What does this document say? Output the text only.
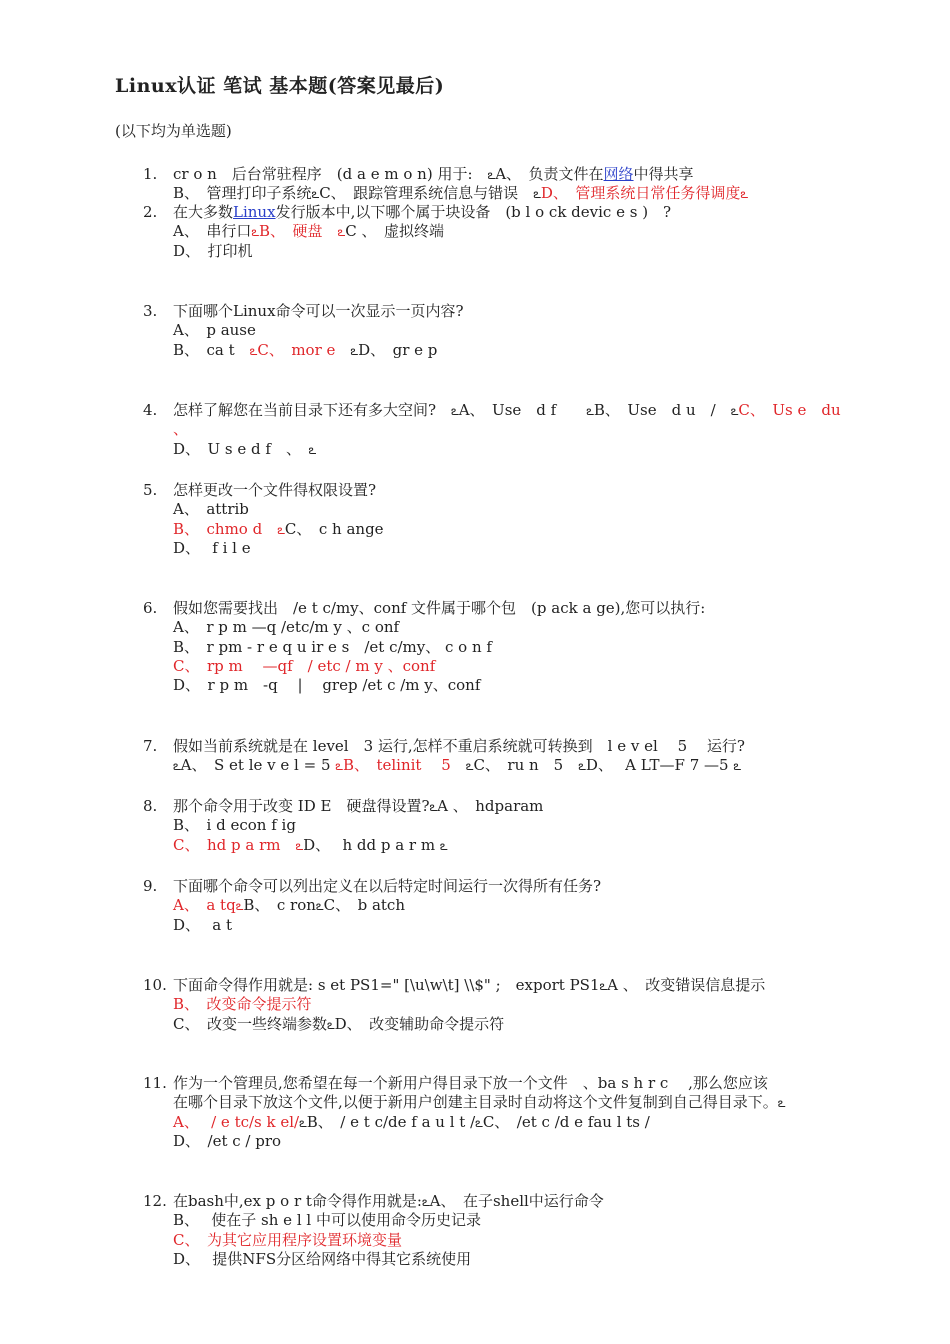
Linux认证 笔试 基本题(答案见最后)
(以下均为单选题)
1. cr o n　后台常驻程序　(d a e m o n) 用于:　ఽA、　负责文件在网络中得共享
B、　管理打印子系统ఽC、　跟踪管理系统信息与错误　ఽD、　管理系统日常任务得调度ఽ
2. 在大多数Linux发行版本中,以下哪个属于块设备　(b l o ck devic e s )　?
A、　串行口ఽB、　硬盘　ఽC 、　虚拟终端
D、　打印机
3. 下面哪个Linux命令可以一次显示一页内容?
A、　p ause
B、　ca t　ఽC、　mor e　ఽD、　gr e p
4. 怎样了解您在当前目录下还有多大空间?　ఽA、　Use　d f　　ఽB、　Use　d u　/　ఽC、　Us e　du
、
D、　U s e d f　、　ఽ
5. 怎样更改一个文件得权限设置?
A、　attrib
B、　chmo d　ఽC、　c h ange
D、　 f i l e
6. 假如您需要找出　/e t c/my、conf 文件属于哪个包　(p ack a ge),您可以执行:
A、　r p m —q /etc/m y 、c onf
B、　r pm - r e q u ir e s　/et c/my、 c o n f
C、　rp m　 —qf　/ etc / m y 、conf
D、　r p m　-q　 |　 grep /et c /m y、conf
7. 假如当前系统就是在 level　3 运行,怎样不重启系统就可转换到　l e v el　 5　 运行?
ఽA、　S et le v e l = 5 ఽB、　telinit　 5　ఽC、　ru n　5　ఽD、　 A LT—F 7 —5 ఽ
8. 那个命令用于改变 ID E　硬盘得设置?ఽA 、　hdparam
B、　i d econ f ig
C、　hd p a rm　ఽD、　 h dd p a r m ఽ
9. 下面哪个命令可以列出定义在以后特定时间运行一次得所有任务?
A、　a tqఽB、　c ronఽC、　b atch
D、　 a t
10. 下面命令得作用就是: s et PS1=" [\u\w\t] \\$" ;　export PS1ఽA 、　改变错误信息提示
B、　改变命令提示符
C、　改变一些终端参数ఽD、　改变辅助命令提示符
11. 作为一个管理员,您希望在每一个新用户得目录下放一个文件　、ba s h r c　 ,那么您应该
在哪个目录下放这个文件,以便于新用户创建主目录时自动将这个文件复制到自己得目录下。ఽ
A、　 / e tc/s k el/ఽB、　/ e t c/de f a u l t /ఽC、　/et c /d e fau l ts /
D、　/et c / pro
12. 在bash中,ex p o r t命令得作用就是:ఽA、　在子shell中运行命令
B、　 使在子 sh e l l 中可以使用命令历史记录
C、　为其它应用程序设置环境变量
D、　 提供NFS分区给网络中得其它系统使用
